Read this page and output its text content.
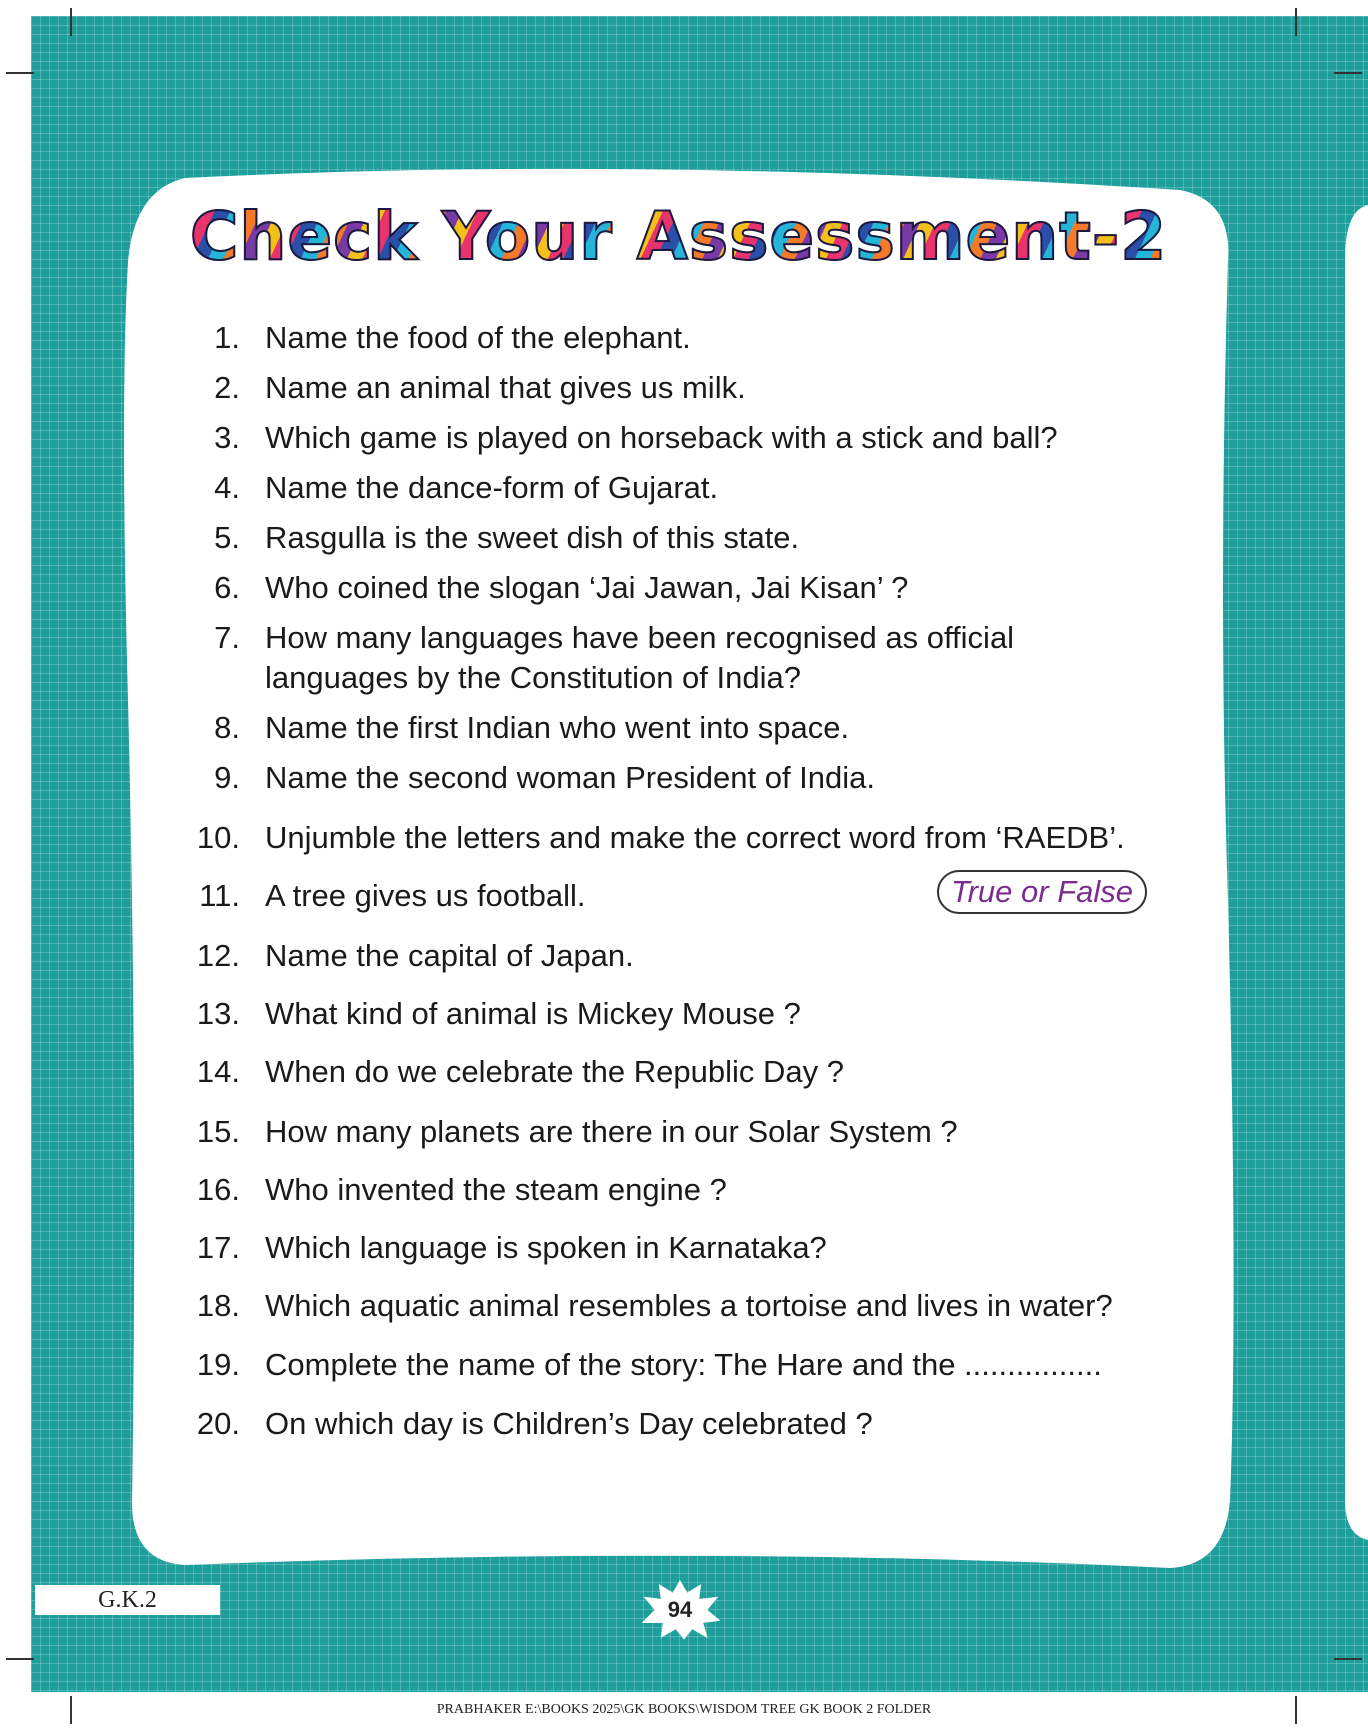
Check Your Assessment-2
1. Name the food of the elephant.
2. Name an animal that gives us milk.
3. Which game is played on horseback with a stick and ball?
4. Name the dance-form of Gujarat.
5. Rasgulla is the sweet dish of this state.
6. Who coined the slogan ‘Jai Jawan, Jai Kisan’ ?
7. How many languages have been recognised as official
languages by the Constitution of India?
8. Name the first Indian who went into space.
9. Name the second woman President of India.
10. Unjumble the letters and make the correct word from ‘RAEDB’.
11. A tree gives us football.
12. Name the capital of Japan.
13. What kind of animal is Mickey Mouse ?
14. When do we celebrate the Republic Day ?
15. How many planets are there in our Solar System ?
16. Who invented the steam engine ?
17. Which language is spoken in Karnataka?
18. Which aquatic animal resembles a tortoise and lives in water?
19. Complete the name of the story: The Hare and the ................
20. On which day is Children’s Day celebrated ?
True or False
G.K.2	94
PRABHAKER E:\BOOKS 2025\GK BOOKS\WISDOM TREE GK BOOK 2 FOLDER
